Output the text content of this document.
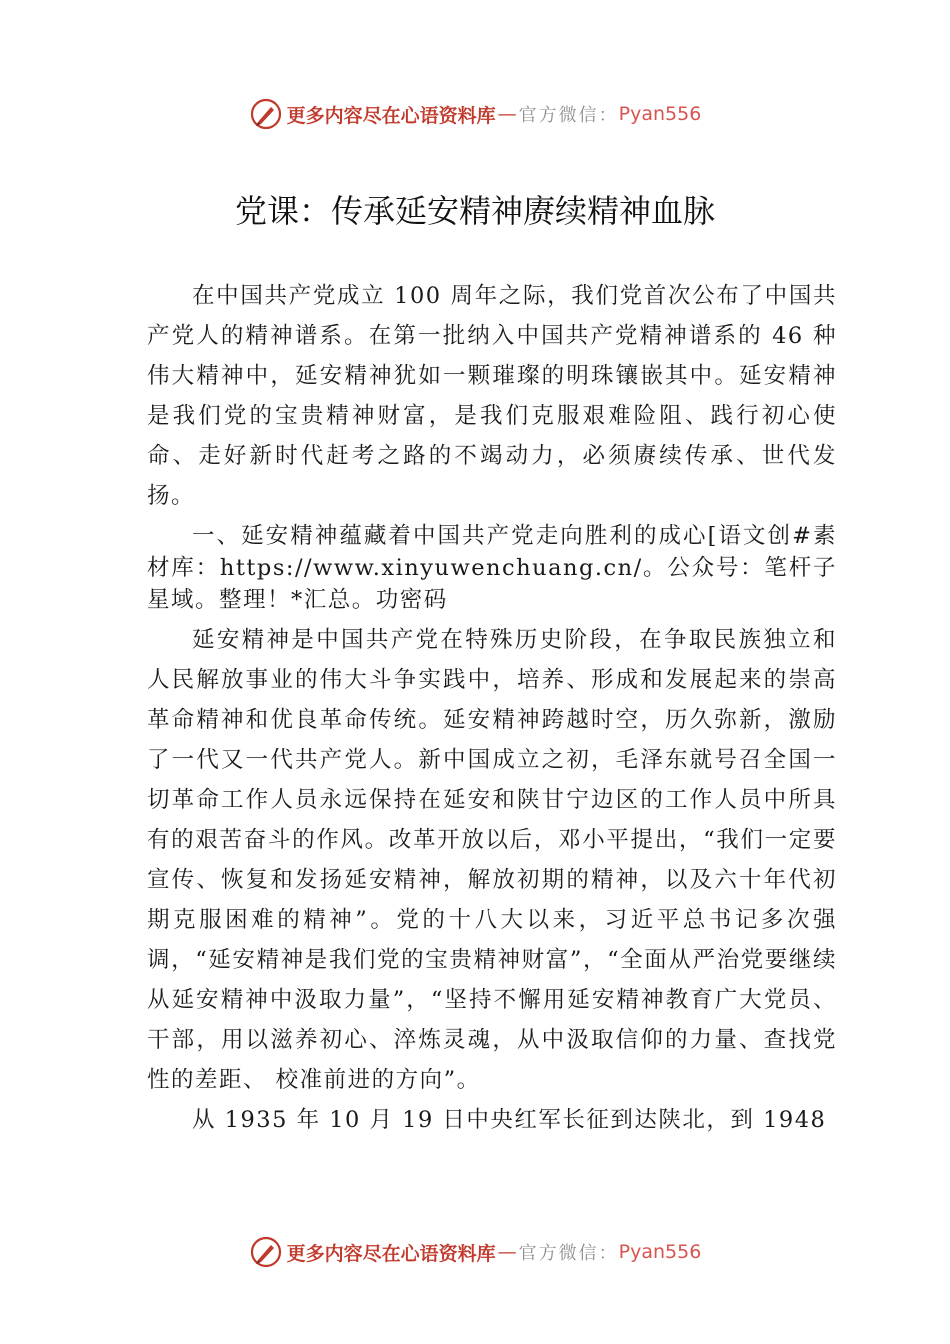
更多内容尽在心语资料库 — 官方微信： Pyan556
党课：传承延安精神赓续精神血脉

在中国共产党成立 100 周年之际，我们党首次公布了中国共产党人的精神谱系。在第一批纳入中国共产党精神谱系的 46 种伟大精神中，延安精神犹如一颗璀璨的明珠镶嵌其中。延安精神是我们党的宝贵精神财富，是我们克服艰难险阻、践行初心使命、走好新时代赶考之路的不竭动力，必须赓续传承、世代发扬。

一、延安精神蕴藏着中国共产党走向胜利的成心[语文创#素材库：https://www.xinyuwenchuang.cn/。公众号：笔杆子星域。整理！*汇总。功密码

延安精神是中国共产党在特殊历史阶段，在争取民族独立和人民解放事业的伟大斗争实践中，培养、形成和发展起来的崇高革命精神和优良革命传统。延安精神跨越时空，历久弥新，激励了一代又一代共产党人。新中国成立之初，毛泽东就号召全国一切革命工作人员永远保持在延安和陕甘宁边区的工作人员中所具有的艰苦奋斗的作风。改革开放以后，邓小平提出，“我们一定要宣传、恢复和发扬延安精神，解放初期的精神，以及六十年代初期克服困难的精神”。党的十八大以来，习近平总书记多次强调，“延安精神是我们党的宝贵精神财富”，“全面从严治党要继续从延安精神中汲取力量”，“坚持不懈用延安精神教育广大党员、干部，用以滋养初心、淬炼灵魂，从中汲取信仰的力量、查找党性的差距、 校准前进的方向”。

从 1935 年 10 月 19 日中央红军长征到达陕北，到 1948

更多内容尽在心语资料库 — 官方微信： Pyan556
